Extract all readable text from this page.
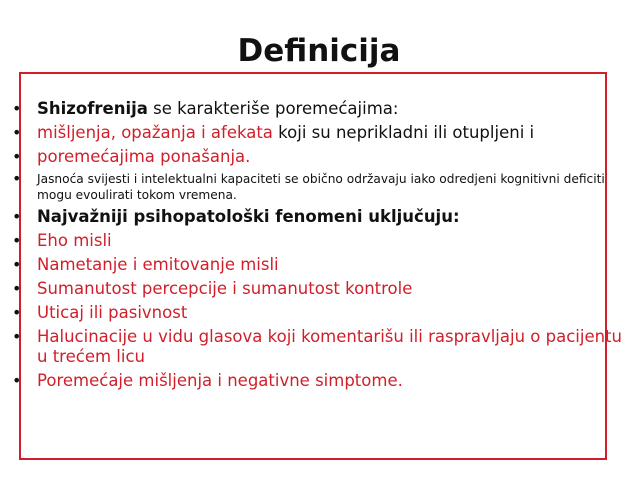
Definicija
• Shizofrenija se karakteriše poremećajima:
• mišljenja, opažanja i afekata koji su neprikladni ili otupljeni i
• poremećajima ponašanja.
• Jasnoća svijesti i intelektualni kapaciteti se obično održavaju iako odredjeni kognitivni deficiti mogu evoulirati tokom vremena.
• Najvažniji psihopatološki fenomeni uključuju:
• Eho misli
• Nametanje i emitovanje misli
• Sumanutost percepcije i sumanutost kontrole
• Uticaj ili pasivnost
• Halucinacije u vidu glasova koji komentarišu ili raspravljaju o pacijentu u trećem licu
• Poremećaje mišljenja i negativne simptome.
